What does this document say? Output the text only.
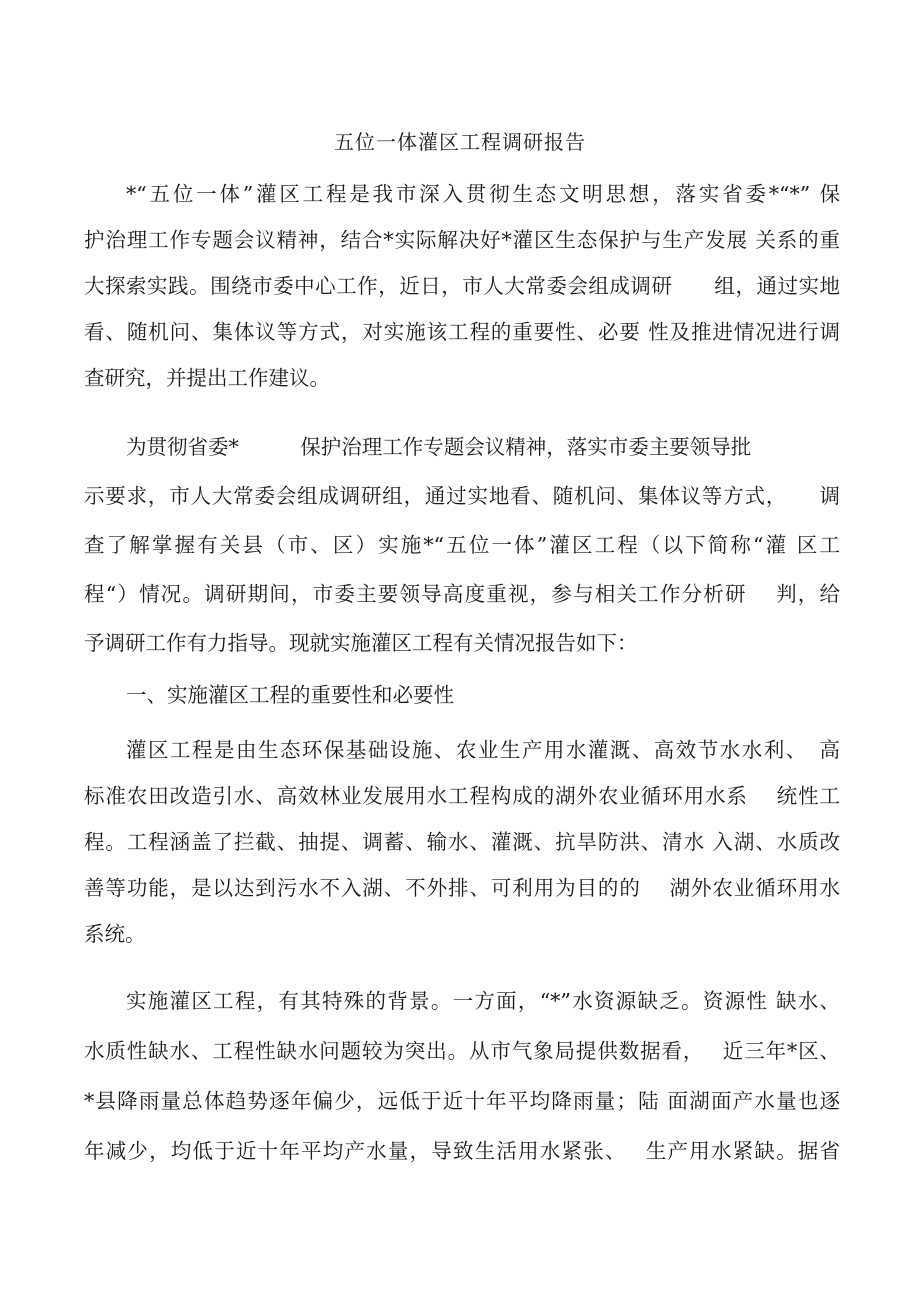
五位一体灌区工程调研报告
*“五位一体”灌区工程是我市深入贯彻生态文明思想，落实省委*“*” 保
护治理工作专题会议精神，结合*实际解决好*灌区生态保护与生产发展 关系的重
大探索实践。围绕市委中心工作，近日，市人大常委会组成调研　　组，通过实地
看、随机问、集体议等方式，对实施该工程的重要性、必要 性及推进情况进行调
查研究，并提出工作建议。
为贯彻省委*　　　保护治理工作专题会议精神，落实市委主要领导批
示要求，市人大常委会组成调研组，通过实地看、随机问、集体议等方式，　　调
查了解掌握有关县（市、区）实施*“五位一体”灌区工程（以下简称“灌 区工
程“）情况。调研期间，市委主要领导高度重视，参与相关工作分析研　 判，给
予调研工作有力指导。现就实施灌区工程有关情况报告如下：
一、实施灌区工程的重要性和必要性
灌区工程是由生态环保基础设施、农业生产用水灌溉、高效节水水利、　高
标准农田改造引水、高效林业发展用水工程构成的湖外农业循环用水系　 统性工
程。工程涵盖了拦截、抽提、调蓄、输水、灌溉、抗旱防洪、清水 入湖、水质改
善等功能，是以达到污水不入湖、不外排、可利用为目的的　 湖外农业循环用水
系统。
实施灌区工程，有其特殊的背景。一方面，“*”水资源缺乏。资源性 缺水、
水质性缺水、工程性缺水问题较为突出。从市气象局提供数据看，　 近三年*区、
*县降雨量总体趋势逐年偏少，远低于近十年平均降雨量；陆 面湖面产水量也逐
年减少，均低于近十年平均产水量，导致生活用水紧张、　 生产用水紧缺。据省
